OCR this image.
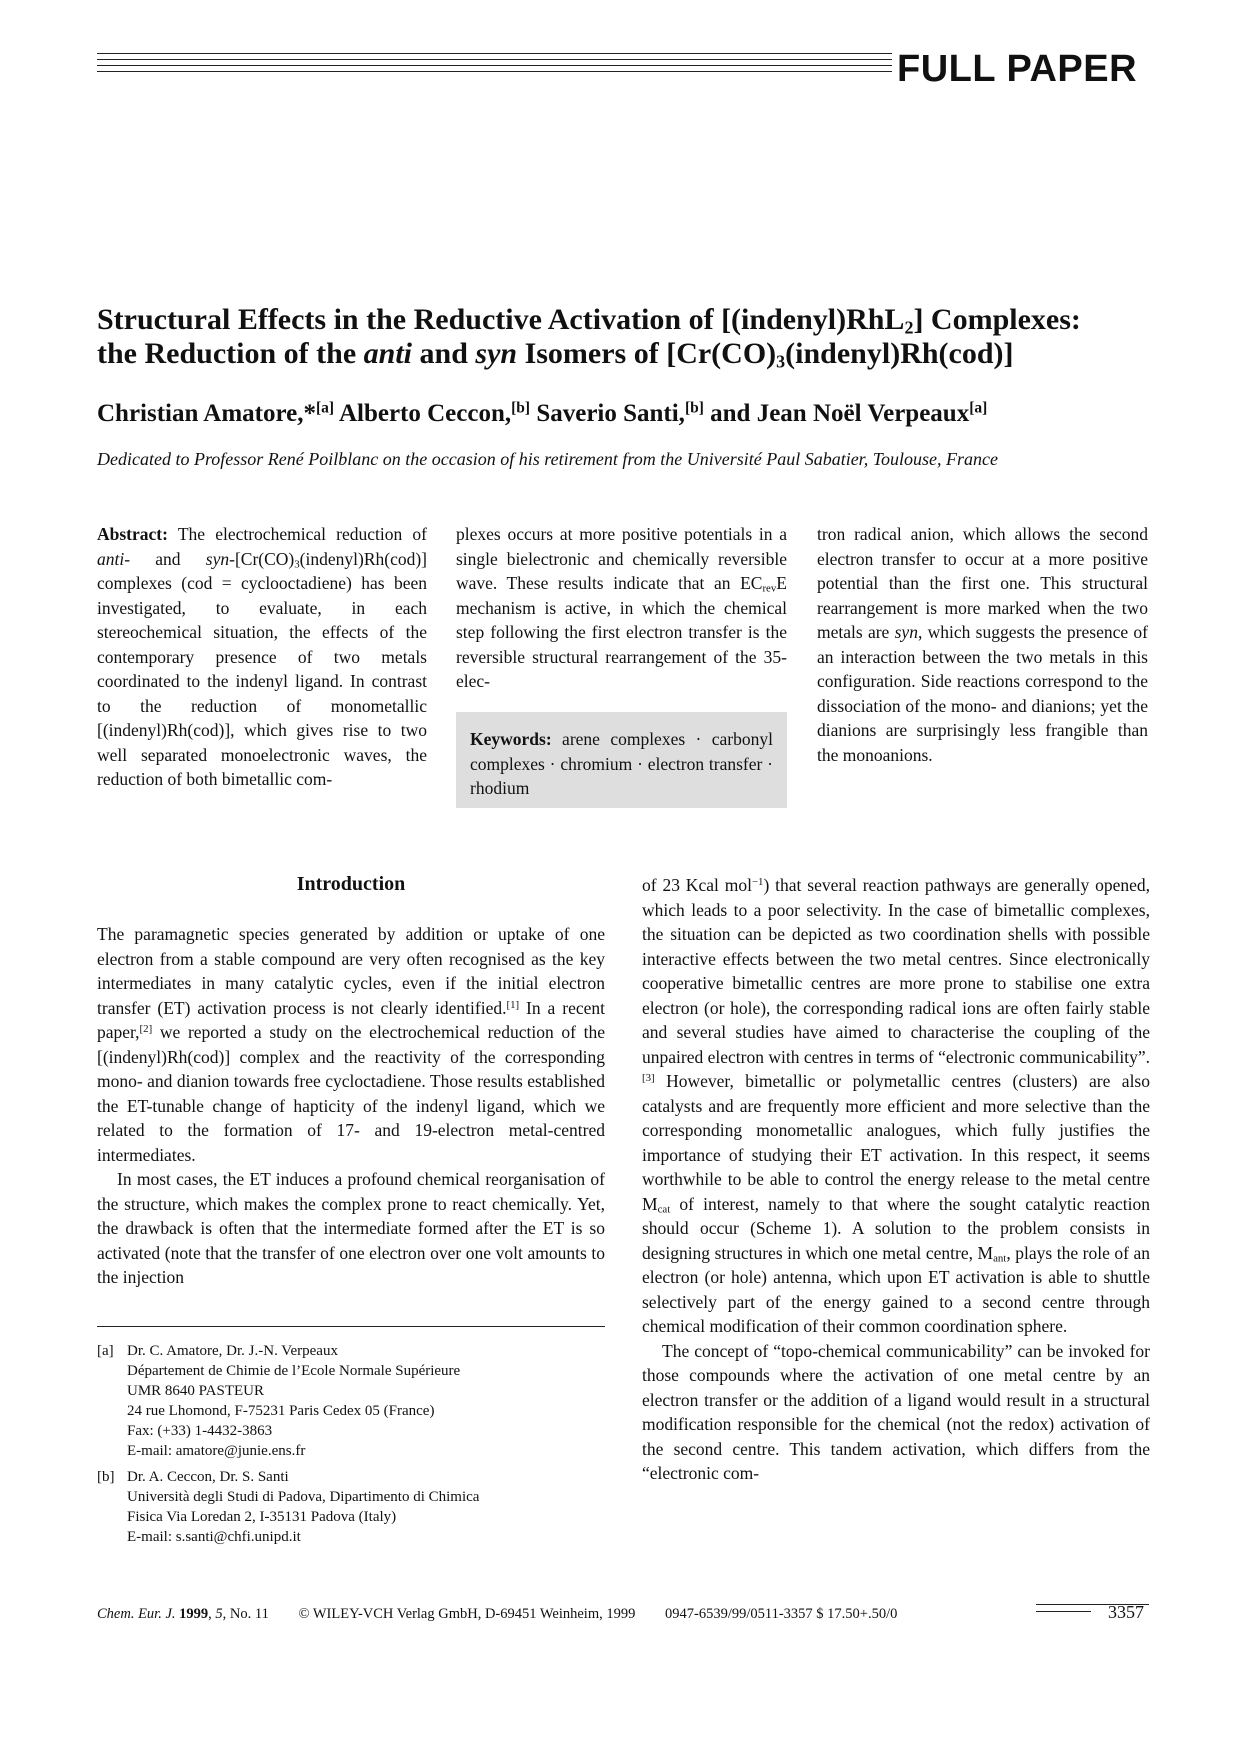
FULL PAPER
Structural Effects in the Reductive Activation of [(indenyl)RhL$_2$] Complexes:
the Reduction of the anti and syn Isomers of $[Cr(CO)_3(indenyl)Rh(cod)]$

Christian Amatore,*[a] Alberto Ceccon,[b] Saverio Santi,[b] and Jean Noël Verpeaux[a]

Dedicated to Professor René Poilblanc on the occasion of his retirement from the Université Paul Sabatier, Toulouse, France

Abstract: The electrochemical reduction of anti- and syn-$[Cr(CO)_3(indenyl)Rh(cod)]$ complexes (cod = cyclooctadiene) has been investigated, to evaluate, in each stereochemical situation, the effects of the contemporary presence of two metals coordinated to the indenyl ligand. In contrast to the reduction of monometallic [(indenyl)Rh(cod)], which gives rise to two well separated monoelectronic waves, the reduction of both bimetallic com-

plexes occurs at more positive potentials in a single bielectronic and chemically reversible wave. These results indicate that an $EC_{rev}E$ mechanism is active, in which the chemical step following the first electron transfer is the reversible structural rearrangement of the 35-elec-

Keywords: arene complexes · carbonyl complexes · chromium · electron transfer · rhodium

tron radical anion, which allows the second electron transfer to occur at a more positive potential than the first one. This structural rearrangement is more marked when the two metals are syn, which suggests the presence of an interaction between the two metals in this configuration. Side reactions correspond to the dissociation of the mono- and dianions; yet the dianions are surprisingly less frangible than the monoanions.

Introduction

The paramagnetic species generated by addition or uptake of one electron from a stable compound are very often recognised as the key intermediates in many catalytic cycles, even if the initial electron transfer (ET) activation process is not clearly identified.[1] In a recent paper,[2] we reported a study on the electrochemical reduction of the [(indenyl)Rh(cod)] complex and the reactivity of the corresponding mono- and dianion towards free cycloctadiene. Those results established the ET-tunable change of hapticity of the indenyl ligand, which we related to the formation of 17- and 19-electron metal-centred intermediates.

In most cases, the ET induces a profound chemical reorganisation of the structure, which makes the complex prone to react chemically. Yet, the drawback is often that the intermediate formed after the ET is so activated (note that the transfer of one electron over one volt amounts to the injection

of 23 Kcal mol$^{-1}$) that several reaction pathways are generally opened, which leads to a poor selectivity. In the case of bimetallic complexes, the situation can be depicted as two coordination shells with possible interactive effects between the two metal centres. Since electronically cooperative bimetallic centres are more prone to stabilise one extra electron (or hole), the corresponding radical ions are often fairly stable and several studies have aimed to characterise the coupling of the unpaired electron with centres in terms of “electronic communicability”.[3] However, bimetallic or polymetallic centres (clusters) are also catalysts and are frequently more efficient and more selective than the corresponding monometallic analogues, which fully justifies the importance of studying their ET activation. In this respect, it seems worthwhile to be able to control the energy release to the metal centre $M_{cat}$ of interest, namely to that where the sought catalytic reaction should occur (Scheme 1). A solution to the problem consists in designing structures in which one metal centre, $M_{ant}$, plays the role of an electron (or hole) antenna, which upon ET activation is able to shuttle selectively part of the energy gained to a second centre through chemical modification of their common coordination sphere.

The concept of “topo-chemical communicability” can be invoked for those compounds where the activation of one metal centre by an electron transfer or the addition of a ligand would result in a structural modification responsible for the chemical (not the redox) activation of the second centre. This tandem activation, which differs from the “electronic com-

[a] Dr. C. Amatore, Dr. J.-N. Verpeaux
Département de Chimie de l’Ecole Normale Supérieure
UMR 8640 PASTEUR
24 rue Lhomond, F-75231 Paris Cedex 05 (France)
Fax: (+33) 1-4432-3863
E-mail: amatore@junie.ens.fr
[b] Dr. A. Ceccon, Dr. S. Santi
Università degli Studi di Padova, Dipartimento di Chimica
Fisica Via Loredan 2, I-35131 Padova (Italy)
E-mail: s.santi@chfi.unipd.it
Chem. Eur. J. 1999, 5, No. 11 © WILEY-VCH Verlag GmbH, D-69451 Weinheim, 1999 0947-6539/99/0511-3357 $ 17.50+.50/0	3357
